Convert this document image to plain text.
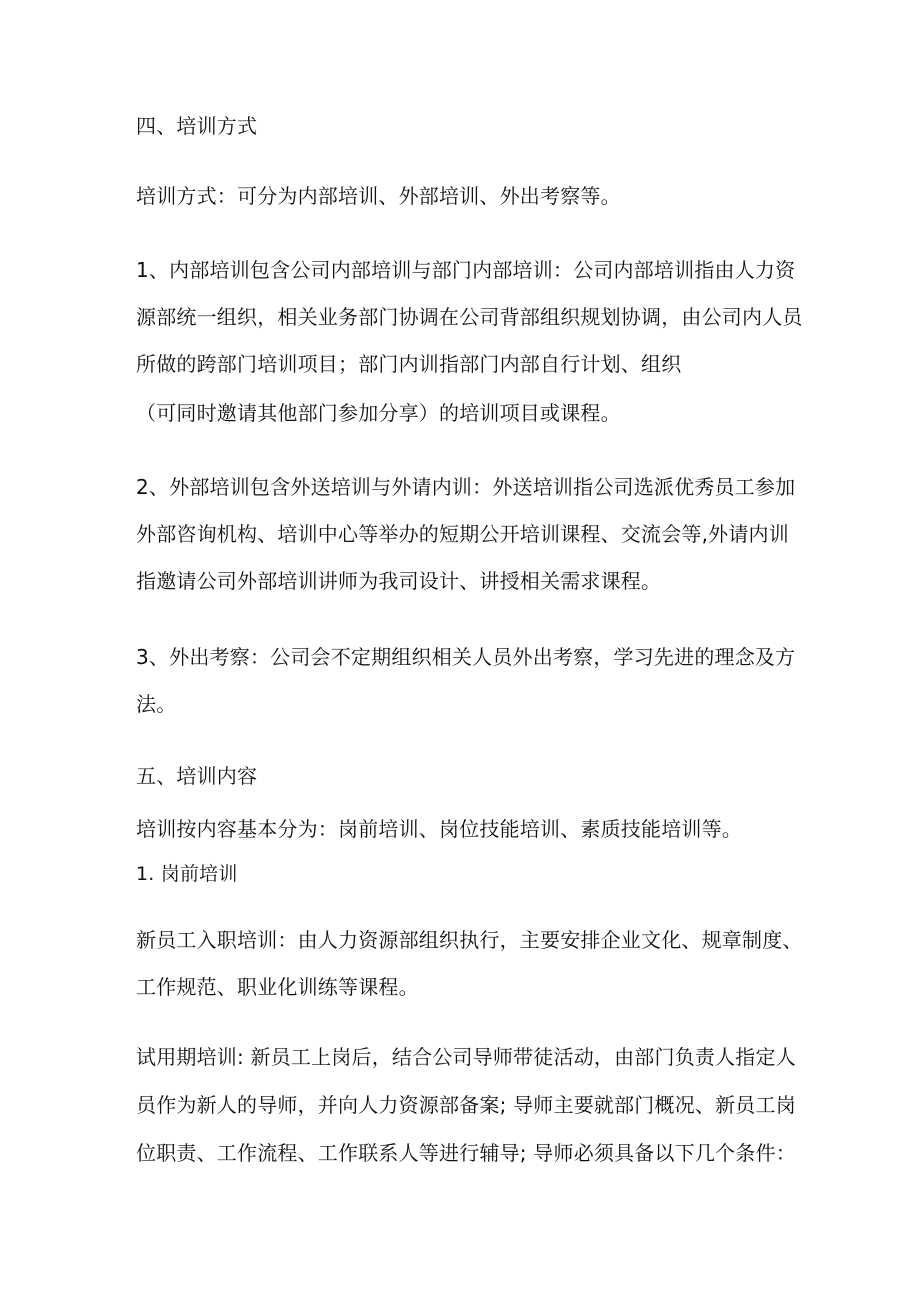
四、培训方式
培训方式：可分为内部培训、外部培训、外出考察等。
1、内部培训包含公司内部培训与部门内部培训：公司内部培训指由人力资
源部统一组织，相关业务部门协调在公司背部组织规划协调，由公司内人员
所做的跨部门培训项目；部门内训指部门内部自行计划、组织
（可同时邀请其他部门参加分享）的培训项目或课程。
2、外部培训包含外送培训与外请内训：外送培训指公司选派优秀员工参加
外部咨询机构、培训中心等举办的短期公开培训课程、交流会等,外请内训
指邀请公司外部培训讲师为我司设计、讲授相关需求课程。
3、外出考察：公司会不定期组织相关人员外出考察，学习先进的理念及方
法。
五、培训内容
培训按内容基本分为：岗前培训、岗位技能培训、素质技能培训等。
1. 岗前培训
新员工入职培训：由人力资源部组织执行，主要安排企业文化、规章制度、
工作规范、职业化训练等课程。
试用期培训: 新员工上岗后，结合公司导师带徒活动，由部门负责人指定人
员作为新人的导师，并向人力资源部备案; 导师主要就部门概况、新员工岗
位职责、工作流程、工作联系人等进行辅导; 导师必须具备以下几个条件：
